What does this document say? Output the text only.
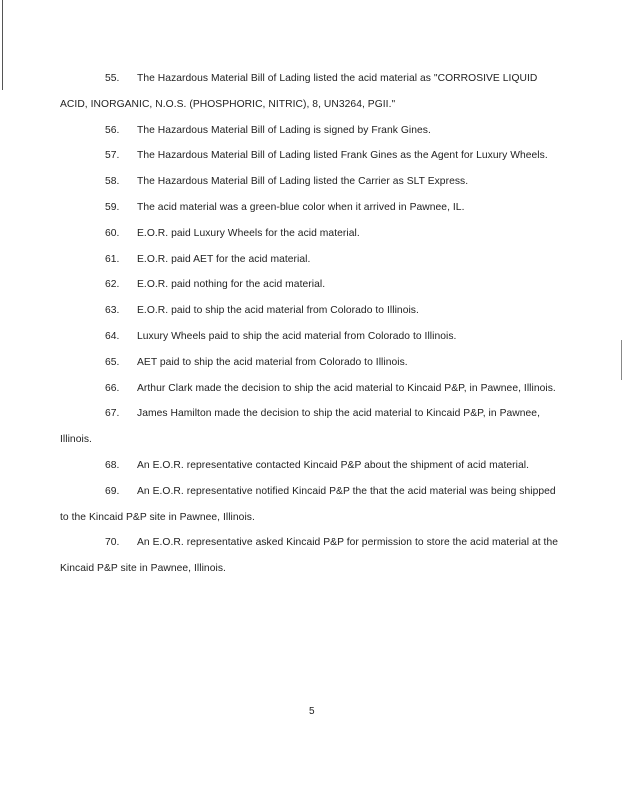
55. The Hazardous Material Bill of Lading listed the acid material as "CORROSIVE LIQUID ACID, INORGANIC, N.O.S. (PHOSPHORIC, NITRIC), 8, UN3264, PGII."
56. The Hazardous Material Bill of Lading is signed by Frank Gines.
57. The Hazardous Material Bill of Lading listed Frank Gines as the Agent for Luxury Wheels.
58. The Hazardous Material Bill of Lading listed the Carrier as SLT Express.
59. The acid material was a green-blue color when it arrived in Pawnee, IL.
60. E.O.R. paid Luxury Wheels for the acid material.
61. E.O.R. paid AET for the acid material.
62. E.O.R. paid nothing for the acid material.
63. E.O.R. paid to ship the acid material from Colorado to Illinois.
64. Luxury Wheels paid to ship the acid material from Colorado to Illinois.
65. AET paid to ship the acid material from Colorado to Illinois.
66. Arthur Clark made the decision to ship the acid material to Kincaid P&P, in Pawnee, Illinois.
67. James Hamilton made the decision to ship the acid material to Kincaid P&P, in Pawnee, Illinois.
68. An E.O.R. representative contacted Kincaid P&P about the shipment of acid material.
69. An E.O.R. representative notified Kincaid P&P the that the acid material was being shipped to the Kincaid P&P site in Pawnee, Illinois.
70. An E.O.R. representative asked Kincaid P&P for permission to store the acid material at the Kincaid P&P site in Pawnee, Illinois.
5
